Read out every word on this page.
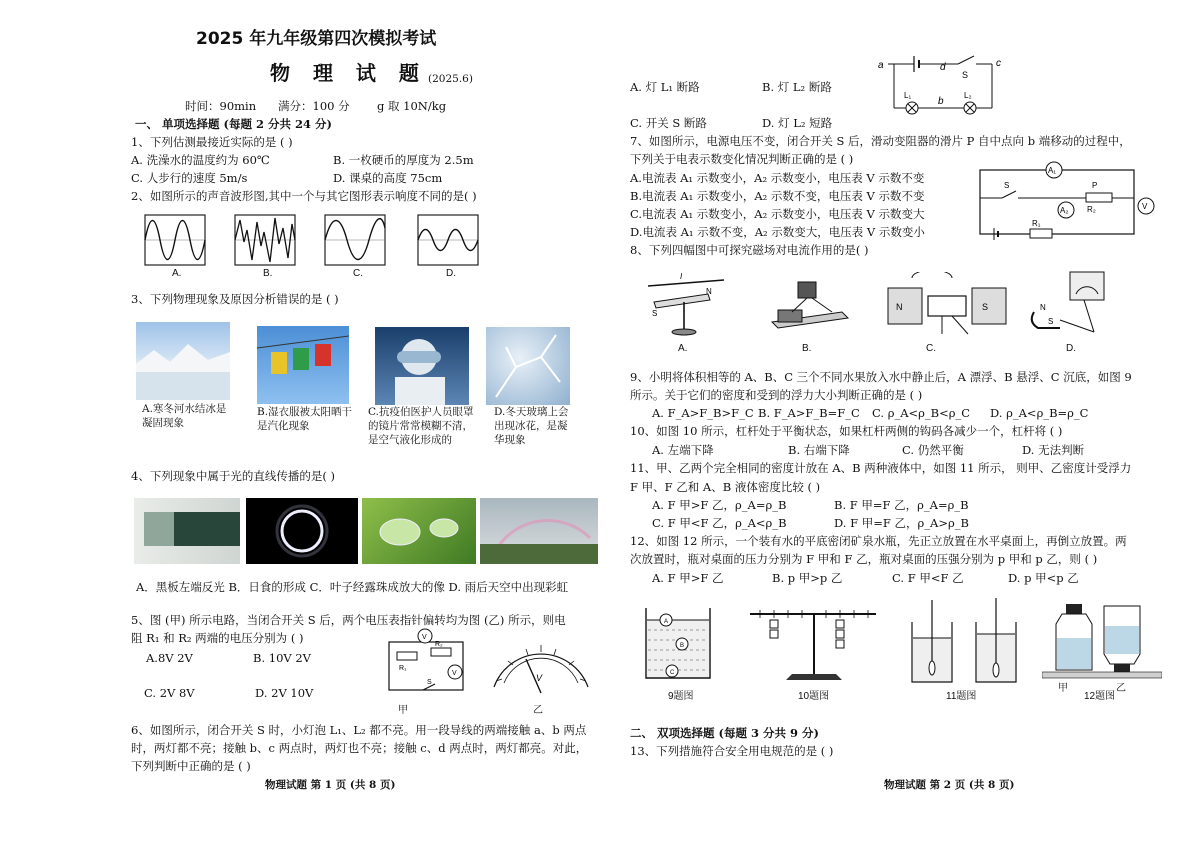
2025 年九年级第四次模拟考试
物 理 试 题 (2025.6)
时间：90min 满分：100 分 g 取 10N/kg
一、 单项选择题 (每题 2 分共 24 分)
1、下列估测最接近实际的是 ( )
A. 洗澡水的温度约为 60℃	B. 一枚硬币的厚度为 2.5m
C. 人步行的速度 5m/s	D. 课桌的高度 75cm
2、如图所示的声音波形图,其中一个与其它图形表示响度不同的是( )
A.	B.	C.	D.
3、下列物理现象及原因分析错误的是 ( )
A.寒冬河水结冰是凝固现象
B.湿衣服被太阳晒干是汽化现象
C.抗疫伯医护人员眼罩的镜片常常模糊不清，是空气液化形成的
D.冬天玻璃上会出现冰花，是凝华现象
4、下列现象中属于光的直线传播的是( )
A．黑板左端反光 B．日食的形成 C．叶子经露珠成放大的像 D. 雨后天空中出现彩虹
5、图 (甲) 所示电路，当闭合开关 S 后，两个电压表指针偏转均为图 (乙) 所示，则电
阻 R₁ 和 R₂ 两端的电压分别为 ( )
A.8V 2V	B. 10V 2V
C. 2V 8V	D. 2V 10V
V
V
R₁
R₂
S
甲
V
乙
6、如图所示，闭合开关 S 时，小灯泡 L₁、L₂ 都不亮。用一段导线的两端接触 a、b 两点
时，两灯都不亮；接触 b、c 两点时，两灯也不亮；接触 c、d 两点时，两灯都亮。对此，
下列判断中正确的是 ( )
物理试题 第 1 页 (共 8 页)
a	d	c
S
L₁	L₂
b
A. 灯 L₁ 断路	B. 灯 L₂ 断路
C. 开关 S 断路	D. 灯 L₂ 短路
7、如图所示，电源电压不变，闭合开关 S 后，滑动变阻器的滑片 P 自中点向 b 端移动的过程中，
下列关于电表示数变化情况判断正确的是 ( )
A.电流表 A₁ 示数变小，A₂ 示数变小，电压表 V 示数不变
B.电流表 A₁ 示数变小，A₂ 示数不变，电压表 V 示数不变
C.电流表 A₁ 示数变小，A₂ 示数变小，电压表 V 示数变大
D.电流表 A₁ 示数不变，A₂ 示数变大，电压表 V 示数变小
A₁
S	P
R₂
A₂	V
R₁
8、下列四幅图中可探究磁场对电流作用的是( )
I
S
N
N	S	N
S
A.	B.	C.	D.
9、小明将体积相等的 A、B、C 三个不同水果放入水中静止后，A 漂浮、B 悬浮、C 沉底，如图 9
所示。关于它们的密度和受到的浮力大小判断正确的是 ( )
A. F_A>F_B>F_C B. F_A>F_B=F_C C. ρ_A<ρ_B<ρ_C D. ρ_A<ρ_B=ρ_C
10、如图 10 所示，杠杆处于平衡状态，如果杠杆两侧的钩码各减少一个，杠杆将 ( )
A. 左端下降	B. 右端下降	C. 仍然平衡	D. 无法判断
11、甲、乙两个完全相同的密度计放在 A、B 两种液体中，如图 11 所示， 则甲、乙密度计受浮力
F 甲、F 乙和 A、B 液体密度比较 ( )
A. F 甲>F 乙，ρ_A=ρ_B	B. F 甲=F 乙，ρ_A=ρ_B
C. F 甲<F 乙，ρ_A<ρ_B	D. F 甲=F 乙，ρ_A>ρ_B
12、如图 12 所示，一个装有水的平底密闭矿泉水瓶，先正立放置在水平桌面上，再倒立放置。两
次放置时，瓶对桌面的压力分别为 F 甲和 F 乙，瓶对桌面的压强分别为 p 甲和 p 乙，则 ( )
A. F 甲>F 乙	B. p 甲>p 乙	C. F 甲<F 乙	D. p 甲<p 乙
A
B
C
甲	乙
9题图	10题图	11题图	12题图
二、 双项选择题 (每题 3 分共 9 分)
13、下列措施符合安全用电规范的是 ( )
物理试题 第 2 页 (共 8 页)
